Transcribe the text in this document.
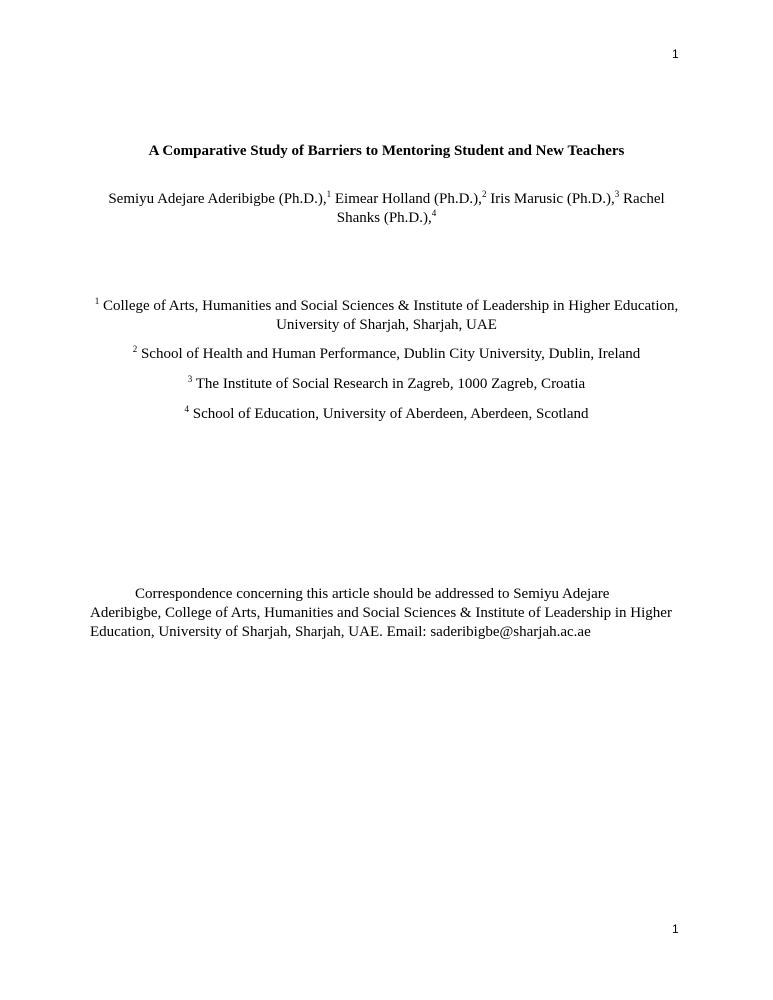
1
A Comparative Study of Barriers to Mentoring Student and New Teachers
Semiyu Adejare Aderibigbe (Ph.D.),$^1$ Eimear Holland (Ph.D.),$^2$ Iris Marusic (Ph.D.),$^3$ Rachel Shanks (Ph.D.),$^4$
$^1$ College of Arts, Humanities and Social Sciences & Institute of Leadership in Higher Education, University of Sharjah, Sharjah, UAE
$^2$ School of Health and Human Performance, Dublin City University, Dublin, Ireland
$^3$ The Institute of Social Research in Zagreb, 1000 Zagreb, Croatia
$^4$ School of Education, University of Aberdeen, Aberdeen, Scotland
Correspondence concerning this article should be addressed to Semiyu Adejare
Aderibigbe, College of Arts, Humanities and Social Sciences & Institute of Leadership in Higher
Education, University of Sharjah, Sharjah, UAE. Email: saderibigbe@sharjah.ac.ae
1
